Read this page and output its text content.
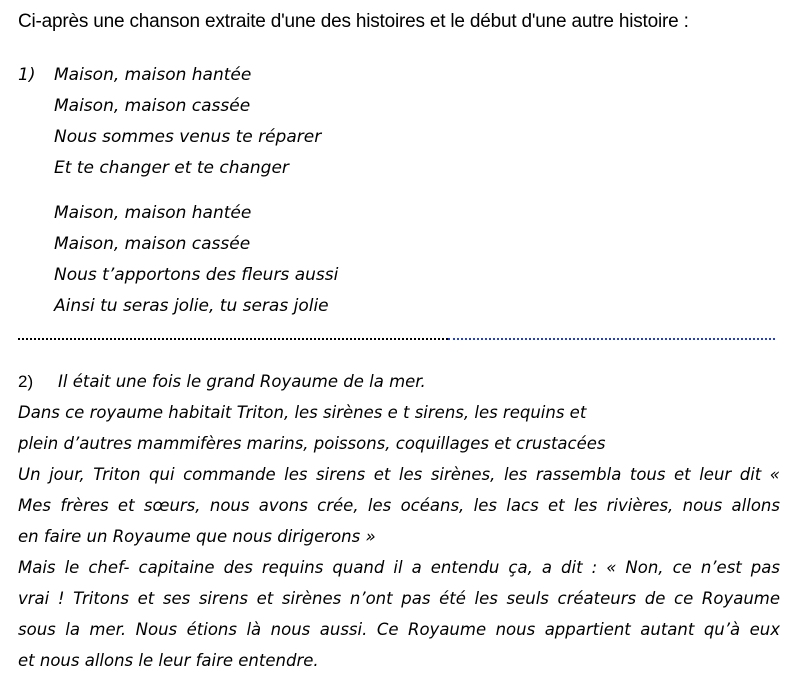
Ci-après une chanson extraite d'une des histoires et le début d'une autre histoire :
1)	Maison, maison hantée
Maison, maison cassée
Nous sommes venus te réparer
Et te changer et te changer
Maison, maison hantée
Maison, maison cassée
Nous t’apportons des fleurs aussi
Ainsi tu seras jolie, tu seras jolie
2) Il était une fois le grand Royaume de la mer.
Dans ce royaume habitait Triton, les sirènes e t sirens, les requins et
plein d’autres mammifères marins, poissons, coquillages et crustacées
Un jour, Triton qui commande les sirens et les sirènes, les rassembla tous et leur dit «
Mes frères et sœurs, nous avons crée, les océans, les lacs et les rivières, nous allons
en faire un Royaume que nous dirigerons »
Mais le chef- capitaine des requins quand il a entendu ça, a dit : « Non, ce n’est pas
vrai ! Tritons et ses sirens et sirènes n’ont pas été les seuls créateurs de ce Royaume
sous la mer. Nous étions là nous aussi. Ce Royaume nous appartient autant qu’à eux
et nous allons le leur faire entendre.
